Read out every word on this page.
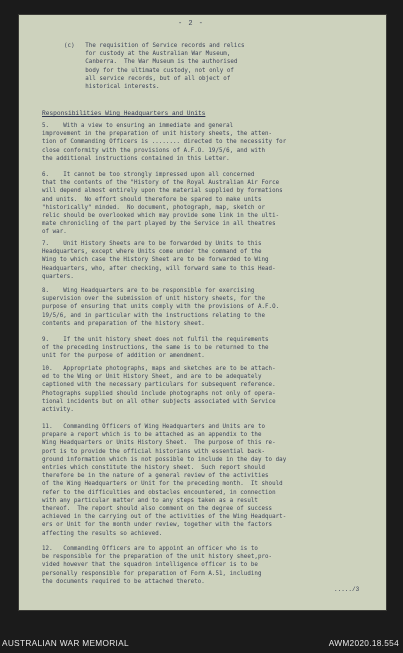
- 2 -
(c)   The requisition of Service records and relics
for custody at the Australian War Museum,
Canberra.  The War Museum is the authorised
body for the ultimate custody, not only of
all service records, but of all object of
historical interests.
Responsibilities Wing Headquarters and Units
5.    With a view to ensuring an immediate and general
improvement in the preparation of unit history sheets, the atten-
tion of Commanding Officers is ........ directed to the necessity for
close conformity with the provisions of A.F.O. 19/5/6, and with
the additional instructions contained in this Letter.
6.    It cannot be too strongly impressed upon all concerned
that the contents of the "History of the Royal Australian Air Force
will depend almost entirely upon the material supplied by formations
and units.  No effort should therefore be spared to make units
"historically" minded.  No document, photograph, map, sketch or
relic should be overlooked which may provide some link in the ulti-
mate chronicling of the part played by the Service in all theatres
of war.
7.    Unit History Sheets are to be forwarded by Units to this
Headquarters, except where Units come under the command of the
Wing to which case the History Sheet are to be forwarded to Wing
Headquarters, who, after checking, will forward same to this Head-
quarters.
8.    Wing Headquarters are to be responsible for exercising
supervision over the submission of unit history sheets, for the
purpose of ensuring that units comply with the provisions of A.F.O.
19/5/6, and in particular with the instructions relating to the
contents and preparation of the history sheet.
9.    If the unit history sheet does not fulfil the requirements
of the preceding instructions, the same is to be returned to the
unit for the purpose of addition or amendment.
10.   Appropriate photographs, maps and sketches are to be attach-
ed to the Wing or Unit History Sheet, and are to be adequately
captioned with the necessary particulars for subsequent reference.
Photographs supplied should include photographs not only of opera-
tional incidents but on all other subjects associated with Service
activity.
11.   Commanding Officers of Wing Headquarters and Units are to
prepare a report which is to be attached as an appendix to the
Wing Headquarters or Units History Sheet.  The purpose of this re-
port is to provide the official historians with essential back-
ground information which is not possible to include in the day to day
entries which constitute the history sheet.  Such report should
therefore be in the nature of a general review of the activities
of the Wing Headquarters or Unit for the preceding month.  It should
refer to the difficulties and obstacles encountered, in connection
with any particular matter and to any steps taken as a result
thereof.  The report should also comment on the degree of success
achieved in the carrying out of the activities of the Wing Headquart-
ers or Unit for the month under review, together with the factors
affecting the results so achieved.
12.   Commanding Officers are to appoint an officer who is to
be responsible for the preparation of the unit history sheet,pro-
vided however that the squadron intelligence officer is to be
personally responsible for preparation of Form A.51, including
the documents required to be attached thereto.
...../3
AUSTRALIAN WAR MEMORIAL	AWM2020.18.554
